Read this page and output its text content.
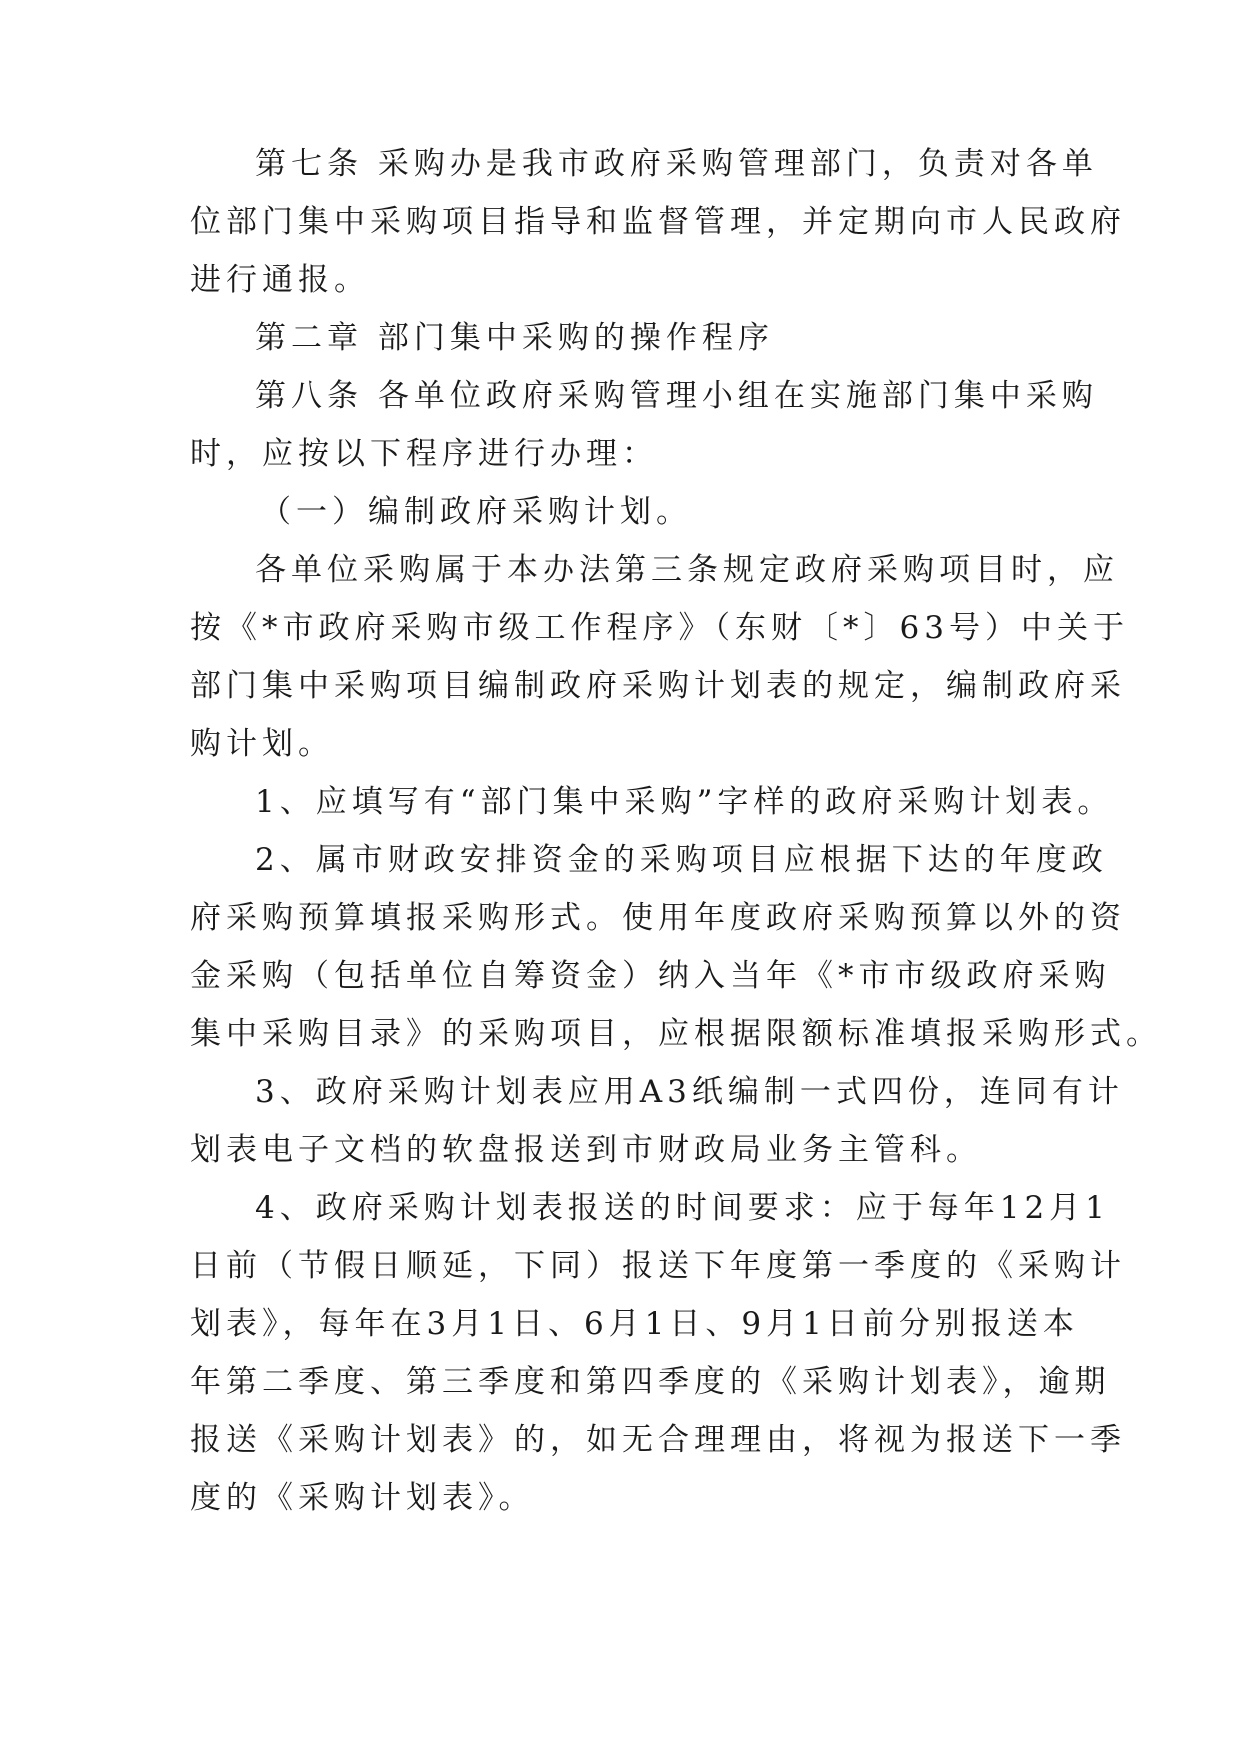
第七条 采购办是我市政府采购管理部门，负责对各单
位部门集中采购项目指导和监督管理，并定期向市人民政府
进行通报。
第二章 部门集中采购的操作程序
第八条 各单位政府采购管理小组在实施部门集中采购
时，应按以下程序进行办理：
（一）编制政府采购计划。
各单位采购属于本办法第三条规定政府采购项目时，应
按《*市政府采购市级工作程序》（东财〔*〕63号）中关于
部门集中采购项目编制政府采购计划表的规定，编制政府采
购计划。
1、应填写有“部门集中采购”字样的政府采购计划表。
2、属市财政安排资金的采购项目应根据下达的年度政
府采购预算填报采购形式。使用年度政府采购预算以外的资
金采购（包括单位自筹资金）纳入当年《*市市级政府采购
集中采购目录》的采购项目，应根据限额标准填报采购形式。
3、政府采购计划表应用A3纸编制一式四份，连同有计
划表电子文档的软盘报送到市财政局业务主管科。
4、政府采购计划表报送的时间要求：应于每年12月1
日前（节假日顺延，下同）报送下年度第一季度的《采购计
划表》，每年在3月1日、6月1日、9月1日前分别报送本
年第二季度、第三季度和第四季度的《采购计划表》，逾期
报送《采购计划表》的，如无合理理由，将视为报送下一季
度的《采购计划表》。
